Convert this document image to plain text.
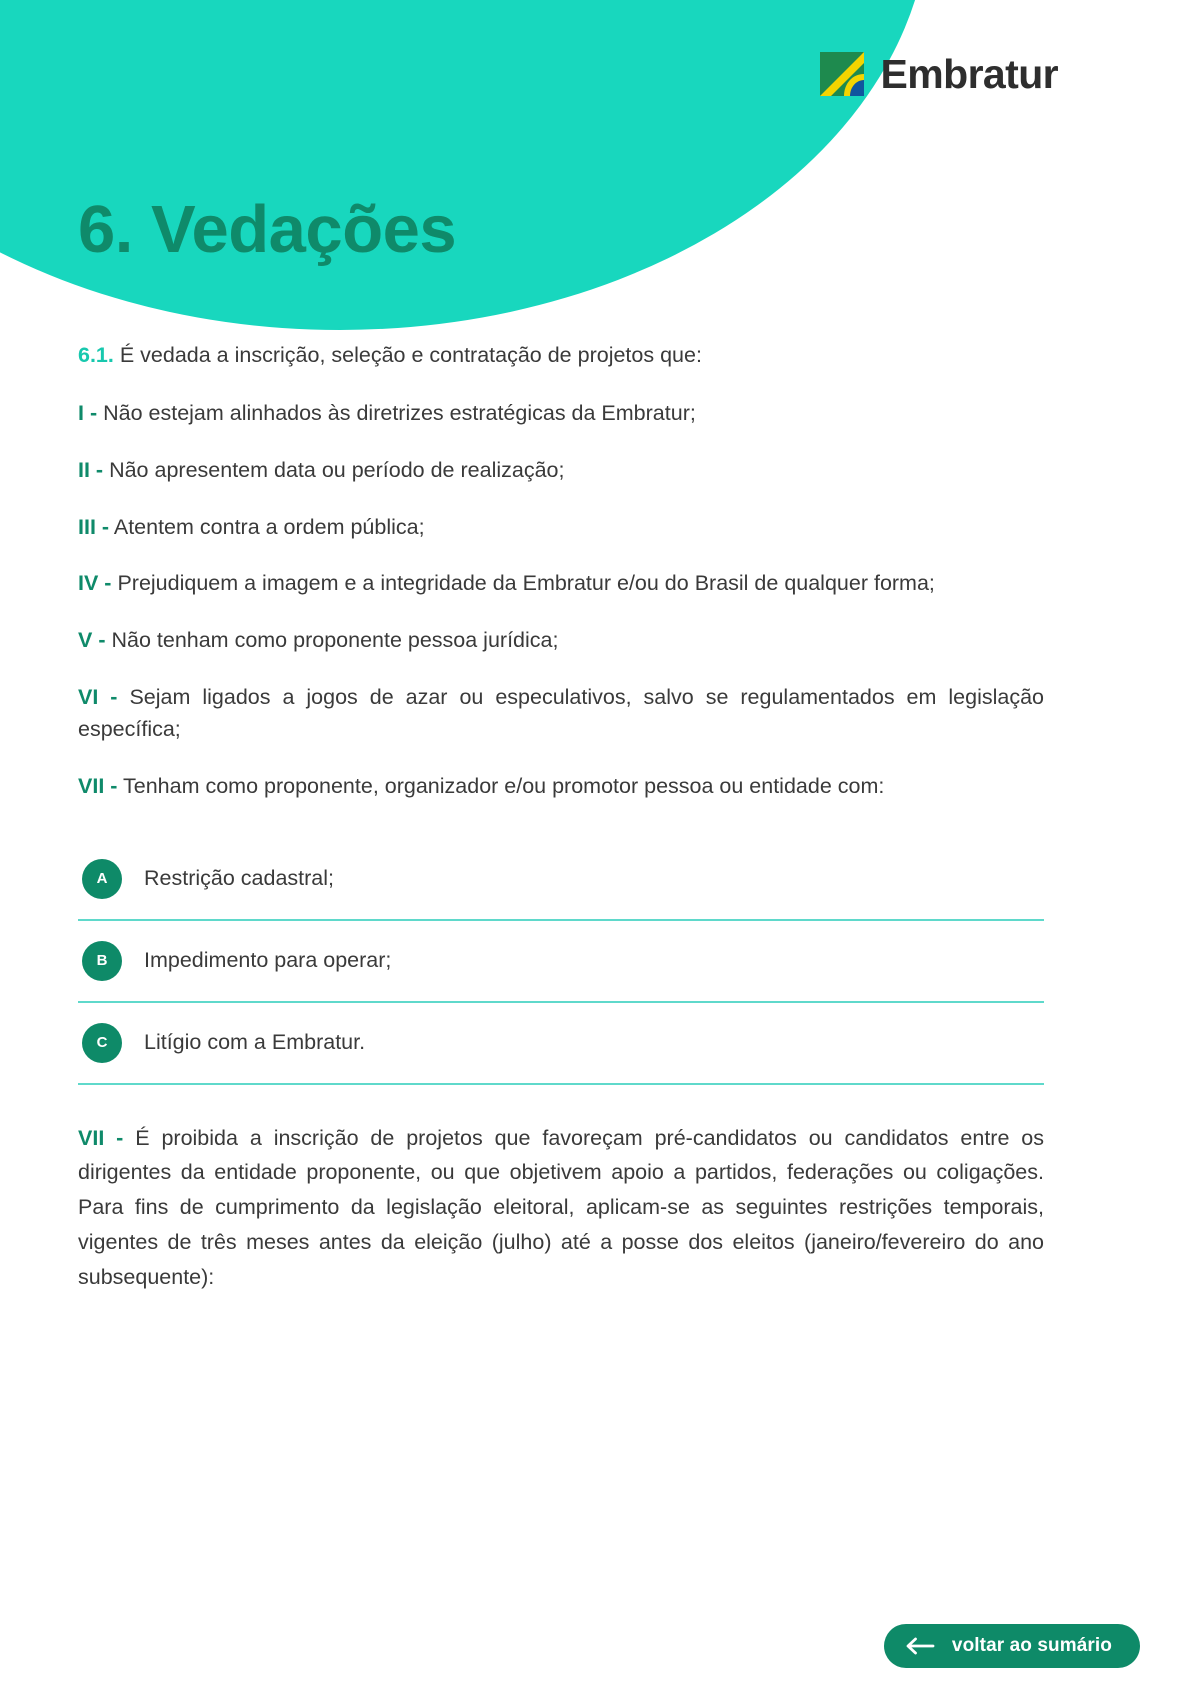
6. Vedações
Embratur

6.1. É vedada a inscrição, seleção e contratação de projetos que:

I - Não estejam alinhados às diretrizes estratégicas da Embratur;

II - Não apresentem data ou período de realização;

III - Atentem contra a ordem pública;

IV - Prejudiquem a imagem e a integridade da Embratur e/ou do Brasil de qualquer forma;

V - Não tenham como proponente pessoa jurídica;

VI - Sejam ligados a jogos de azar ou especulativos, salvo se regulamentados em legislação específica;

VII - Tenham como proponente, organizador e/ou promotor pessoa ou entidade com:

A	Restrição cadastral;
B	Impedimento para operar;
C	Litígio com a Embratur.

VII - É proibida a inscrição de projetos que favoreçam pré-candidatos ou candidatos entre os dirigentes da entidade proponente, ou que objetivem apoio a partidos, federações ou coligações. Para fins de cumprimento da legislação eleitoral, aplicam-se as seguintes restrições temporais, vigentes de três meses antes da eleição (julho) até a posse dos eleitos (janeiro/fevereiro do ano subsequente):

voltar ao sumário
